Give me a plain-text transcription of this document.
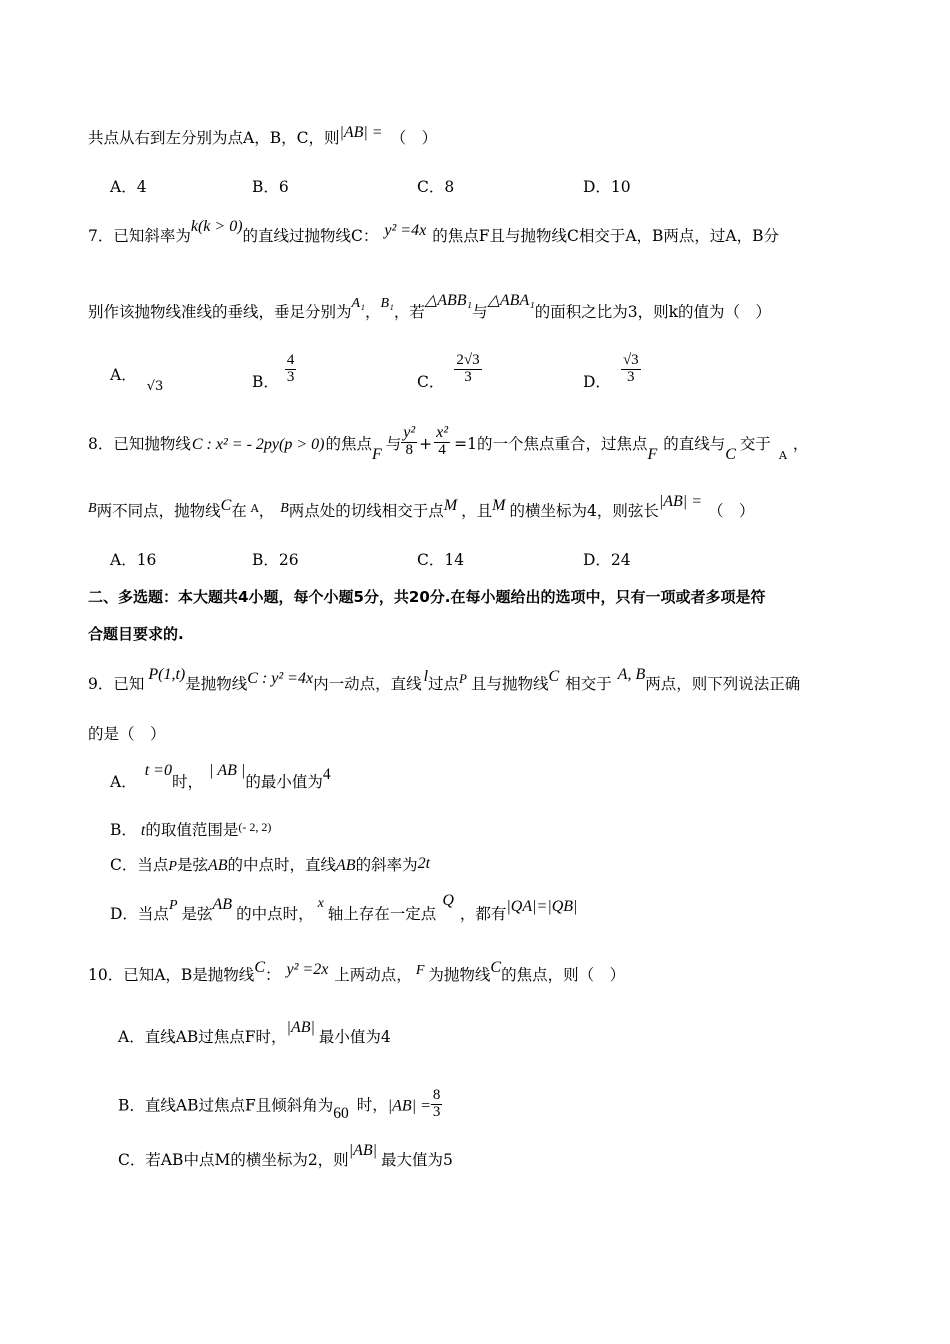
共点从右到左分别为点A，B，C，则|AB| = （　）
A．4	B．6	C．8	D．10
7．已知斜率为k(k > 0)的直线过抛物线C： y² =4x 的焦点F且与抛物线C相交于A，B两点，过A，B分
别作该抛物线准线的垂线，垂足分别为A₁，B₁，若△ABB₁与△ABA₁的面积之比为3，则k的值为（　）
A．$_{√3}$	B． $\frac{4}{3}$	C． $\frac{2√3}{3}$	D． $\frac{√3}{3}$
8．已知抛物线C : x² = - 2py(p > 0)的焦点F与 $\frac{\text{y²}}{8} + \frac{\text{x²}}{4} =1$的一个焦点重合，过焦点F的直线与C交于$_A$，
B两不同点，抛物线C在 $^A$， B两点处的切线相交于点M ，且M 的横坐标为4，则弦长|AB| =（　）
A．16	B．26	C．14	D．24
二、多选题：本大题共4小题，每个小题5分，共20分.在每小题给出的选项中，只有一项或者多项是符
合题目要求的.
9．已知P(1,t)是抛物线C : y² =4x内一动点，直线 l过点$^P$ 且与抛物线C 相交于A, B两点，则下列说法正确
的是（　）
A．t =0时，| AB |的最小值为4
B． t的取值范围是$^{(- 2, 2)}$
C．当点P是弦AB的中点时，直线AB的斜率为2t
D．当点P 是弦AB的中点时，x轴上存在一定点Q，都有|QA|=|QB|
10．已知A，B是抛物线C： y² =2x 上两动点， F 为抛物线C的焦点，则（　）
A．直线AB过焦点F时，|AB|最小值为4
B．直线AB过焦点F且倾斜角为60 时，$|AB| = \frac{8}{3}$
C．若AB中点M的横坐标为2，则|AB|最大值为5
